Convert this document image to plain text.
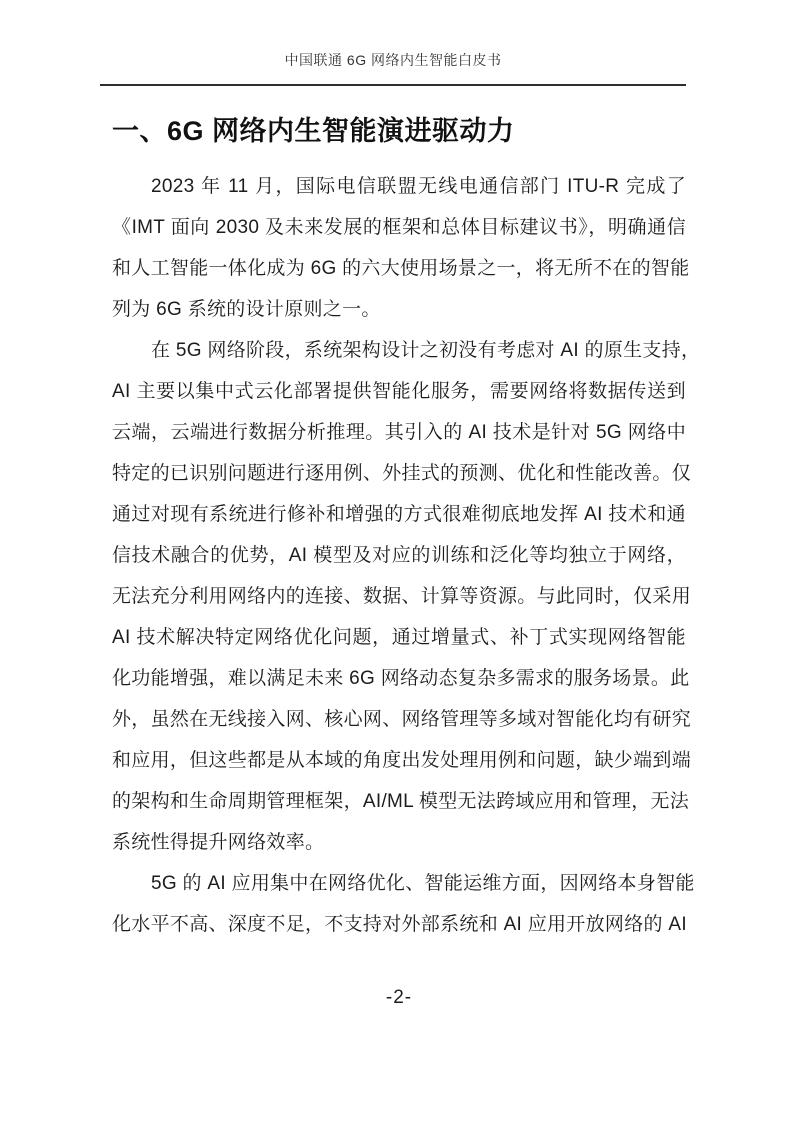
中国联通 6G 网络内生智能白皮书
一、6G 网络内生智能演进驱动力

2023 年 11 月，国际电信联盟无线电通信部门 ITU-R 完成了
《IMT 面向 2030 及未来发展的框架和总体目标建议书》，明确通信
和人工智能一体化成为 6G 的六大使用场景之一，将无所不在的智能
列为 6G 系统的设计原则之一。

在 5G 网络阶段，系统架构设计之初没有考虑对 AI 的原生支持，
AI 主要以集中式云化部署提供智能化服务，需要网络将数据传送到
云端，云端进行数据分析推理。其引入的 AI 技术是针对 5G 网络中
特定的已识别问题进行逐用例、外挂式的预测、优化和性能改善。仅
通过对现有系统进行修补和增强的方式很难彻底地发挥 AI 技术和通
信技术融合的优势，AI 模型及对应的训练和泛化等均独立于网络，
无法充分利用网络内的连接、数据、计算等资源。与此同时，仅采用
AI 技术解决特定网络优化问题，通过增量式、补丁式实现网络智能
化功能增强，难以满足未来 6G 网络动态复杂多需求的服务场景。此
外，虽然在无线接入网、核心网、网络管理等多域对智能化均有研究
和应用，但这些都是从本域的角度出发处理用例和问题，缺少端到端
的架构和生命周期管理框架，AI/ML 模型无法跨域应用和管理，无法
系统性得提升网络效率。

5G 的 AI 应用集中在网络优化、智能运维方面，因网络本身智能
化水平不高、深度不足，不支持对外部系统和 AI 应用开放网络的 AI

-2-
